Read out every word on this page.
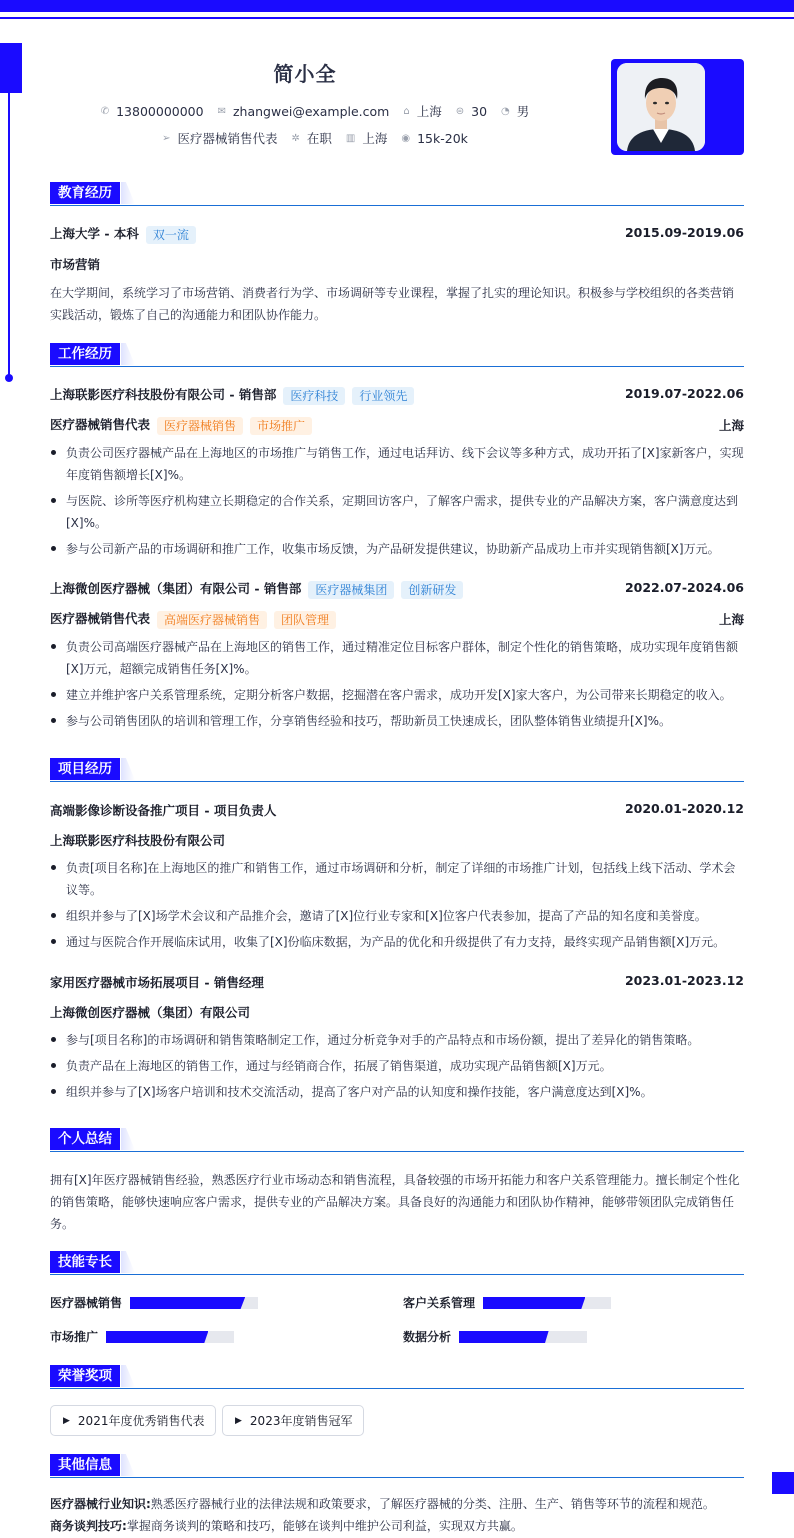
简小全
✆ 13800000000 ✉ zhangwei@example.com ⌂ 上海 ⊜ 30 ◔ 男
➢ 医疗器械销售代表 ✲ 在职 ▥ 上海 ◉ 15k-20k
教育经历
上海大学 - 本科 双一流	2015.09-2019.06
市场营销
在大学期间，系统学习了市场营销、消费者行为学、市场调研等专业课程，掌握了扎实的理论知识。积极参与学校组织的各类营销实践活动，锻炼了自己的沟通能力和团队协作能力。
工作经历
上海联影医疗科技股份有限公司 - 销售部 医疗科技 行业领先	2019.07-2022.06
医疗器械销售代表 医疗器械销售 市场推广	上海
负责公司医疗器械产品在上海地区的市场推广与销售工作，通过电话拜访、线下会议等多种方式，成功开拓了[X]家新客户，实现年度销售额增长[X]%。
与医院、诊所等医疗机构建立长期稳定的合作关系，定期回访客户，了解客户需求，提供专业的产品解决方案，客户满意度达到[X]%。
参与公司新产品的市场调研和推广工作，收集市场反馈，为产品研发提供建议，协助新产品成功上市并实现销售额[X]万元。
上海微创医疗器械（集团）有限公司 - 销售部 医疗器械集团 创新研发	2022.07-2024.06
医疗器械销售代表 高端医疗器械销售 团队管理	上海
负责公司高端医疗器械产品在上海地区的销售工作，通过精准定位目标客户群体，制定个性化的销售策略，成功实现年度销售额[X]万元，超额完成销售任务[X]%。
建立并维护客户关系管理系统，定期分析客户数据，挖掘潜在客户需求，成功开发[X]家大客户，为公司带来长期稳定的收入。
参与公司销售团队的培训和管理工作，分享销售经验和技巧，帮助新员工快速成长，团队整体销售业绩提升[X]%。
项目经历
高端影像诊断设备推广项目 - 项目负责人	2020.01-2020.12
上海联影医疗科技股份有限公司
负责[项目名称]在上海地区的推广和销售工作，通过市场调研和分析，制定了详细的市场推广计划，包括线上线下活动、学术会议等。
组织并参与了[X]场学术会议和产品推介会，邀请了[X]位行业专家和[X]位客户代表参加，提高了产品的知名度和美誉度。
通过与医院合作开展临床试用，收集了[X]份临床数据，为产品的优化和升级提供了有力支持，最终实现产品销售额[X]万元。
家用医疗器械市场拓展项目 - 销售经理	2023.01-2023.12
上海微创医疗器械（集团）有限公司
参与[项目名称]的市场调研和销售策略制定工作，通过分析竞争对手的产品特点和市场份额，提出了差异化的销售策略。
负责产品在上海地区的销售工作，通过与经销商合作，拓展了销售渠道，成功实现产品销售额[X]万元。
组织并参与了[X]场客户培训和技术交流活动，提高了客户对产品的认知度和操作技能，客户满意度达到[X]%。
个人总结
拥有[X]年医疗器械销售经验，熟悉医疗行业市场动态和销售流程，具备较强的市场开拓能力和客户关系管理能力。擅长制定个性化的销售策略，能够快速响应客户需求，提供专业的产品解决方案。具备良好的沟通能力和团队协作精神，能够带领团队完成销售任务。
技能专长
医疗器械销售	客户关系管理
市场推广	数据分析
荣誉奖项
▶ 2021年度优秀销售代表	▶ 2023年度销售冠军
其他信息
医疗器械行业知识:熟悉医疗器械行业的法律法规和政策要求，了解医疗器械的分类、注册、生产、销售等环节的流程和规范。
商务谈判技巧:掌握商务谈判的策略和技巧，能够在谈判中维护公司利益，实现双方共赢。
